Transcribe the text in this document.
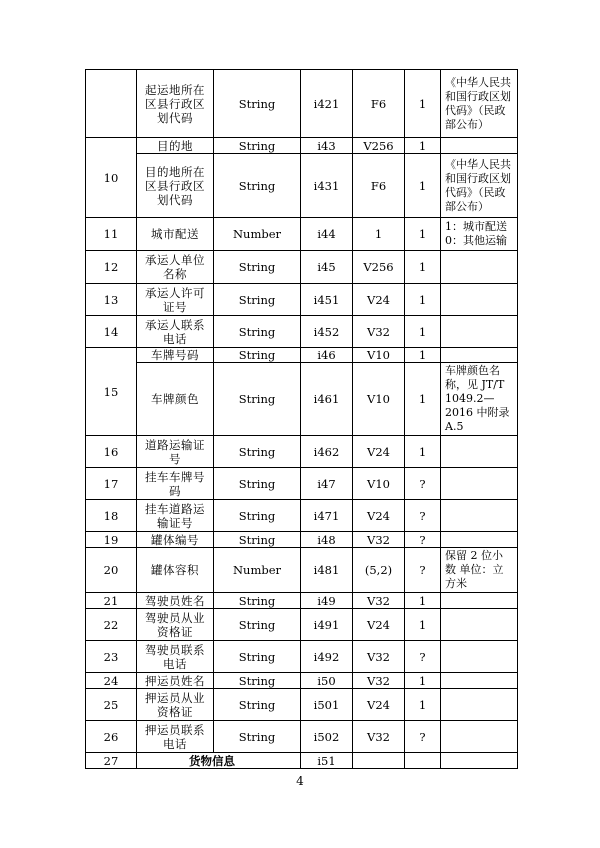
	起运地所在区县行政区划代码	String	i421	F6	1	《中华人民共和国行政区划代码》（民政部公布）
10	目的地	String	i43	V256	1	
	目的地所在区县行政区划代码	String	i431	F6	1	《中华人民共和国行政区划代码》（民政部公布）
11	城市配送	Number	i44	1	1	1：城市配送 0：其他运输
12	承运人单位名称	String	i45	V256	1	
13	承运人许可证号	String	i451	V24	1	
14	承运人联系电话	String	i452	V32	1	
15	车牌号码	String	i46	V10	1	
	车牌颜色	String	i461	V10	1	车牌颜色名称，见 JT/T 1049.2—2016 中附录 A.5
16	道路运输证号	String	i462	V24	1	
17	挂车车牌号码	String	i47	V10	?	
18	挂车道路运输证号	String	i471	V24	?	
19	罐体编号	String	i48	V32	?	
20	罐体容积	Number	i481	(5,2)	?	保留 2 位小数 单位：立方米
21	驾驶员姓名	String	i49	V32	1	
22	驾驶员从业资格证	String	i491	V24	1	
23	驾驶员联系电话	String	i492	V32	?	
24	押运员姓名	String	i50	V32	1	
25	押运员从业资格证	String	i501	V24	1	
26	押运员联系电话	String	i502	V32	?	
27	货物信息		i51			
4
